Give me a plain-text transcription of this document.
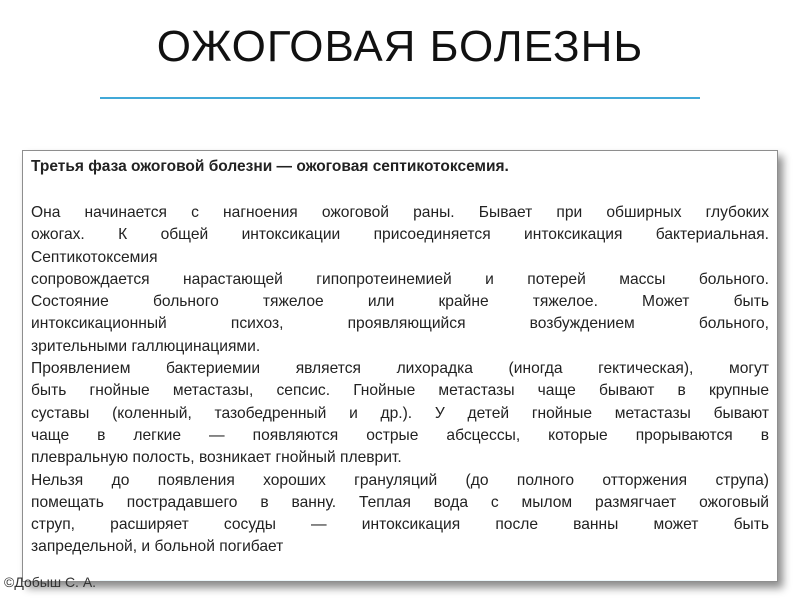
ОЖОГОВАЯ БОЛЕЗНЬ
Третья фаза ожоговой болезни — ожоговая септикотоксемия.
Она начинается с нагноения ожоговой раны. Бывает при обширных глубоких
ожогах. К общей интоксикации присоединяется интоксикация бактериальная.
Септикотоксемия
сопровождается нарастающей гипопротеинемией и потерей массы больного.
Состояние больного тяжелое или крайне тяжелое. Может быть
интоксикационный психоз, проявляющийся возбуждением больного,
зрительными галлюцинациями.
Проявлением бактериемии является лихорадка (иногда гектическая), могут
быть гнойные метастазы, сепсис. Гнойные метастазы чаще бывают в крупные
суставы (коленный, тазобедренный и др.). У детей гнойные метастазы бывают
чаще в легкие — появляются острые абсцессы, которые прорываются в
плевральную полость, возникает гнойный плеврит.
Нельзя до появления хороших грануляций (до полного отторжения струпа)
помещать пострадавшего в ванну. Теплая вода с мылом размягчает ожоговый
струп, расширяет сосуды — интоксикация после ванны может быть
запредельной, и больной погибает
©Добыш С. А.
